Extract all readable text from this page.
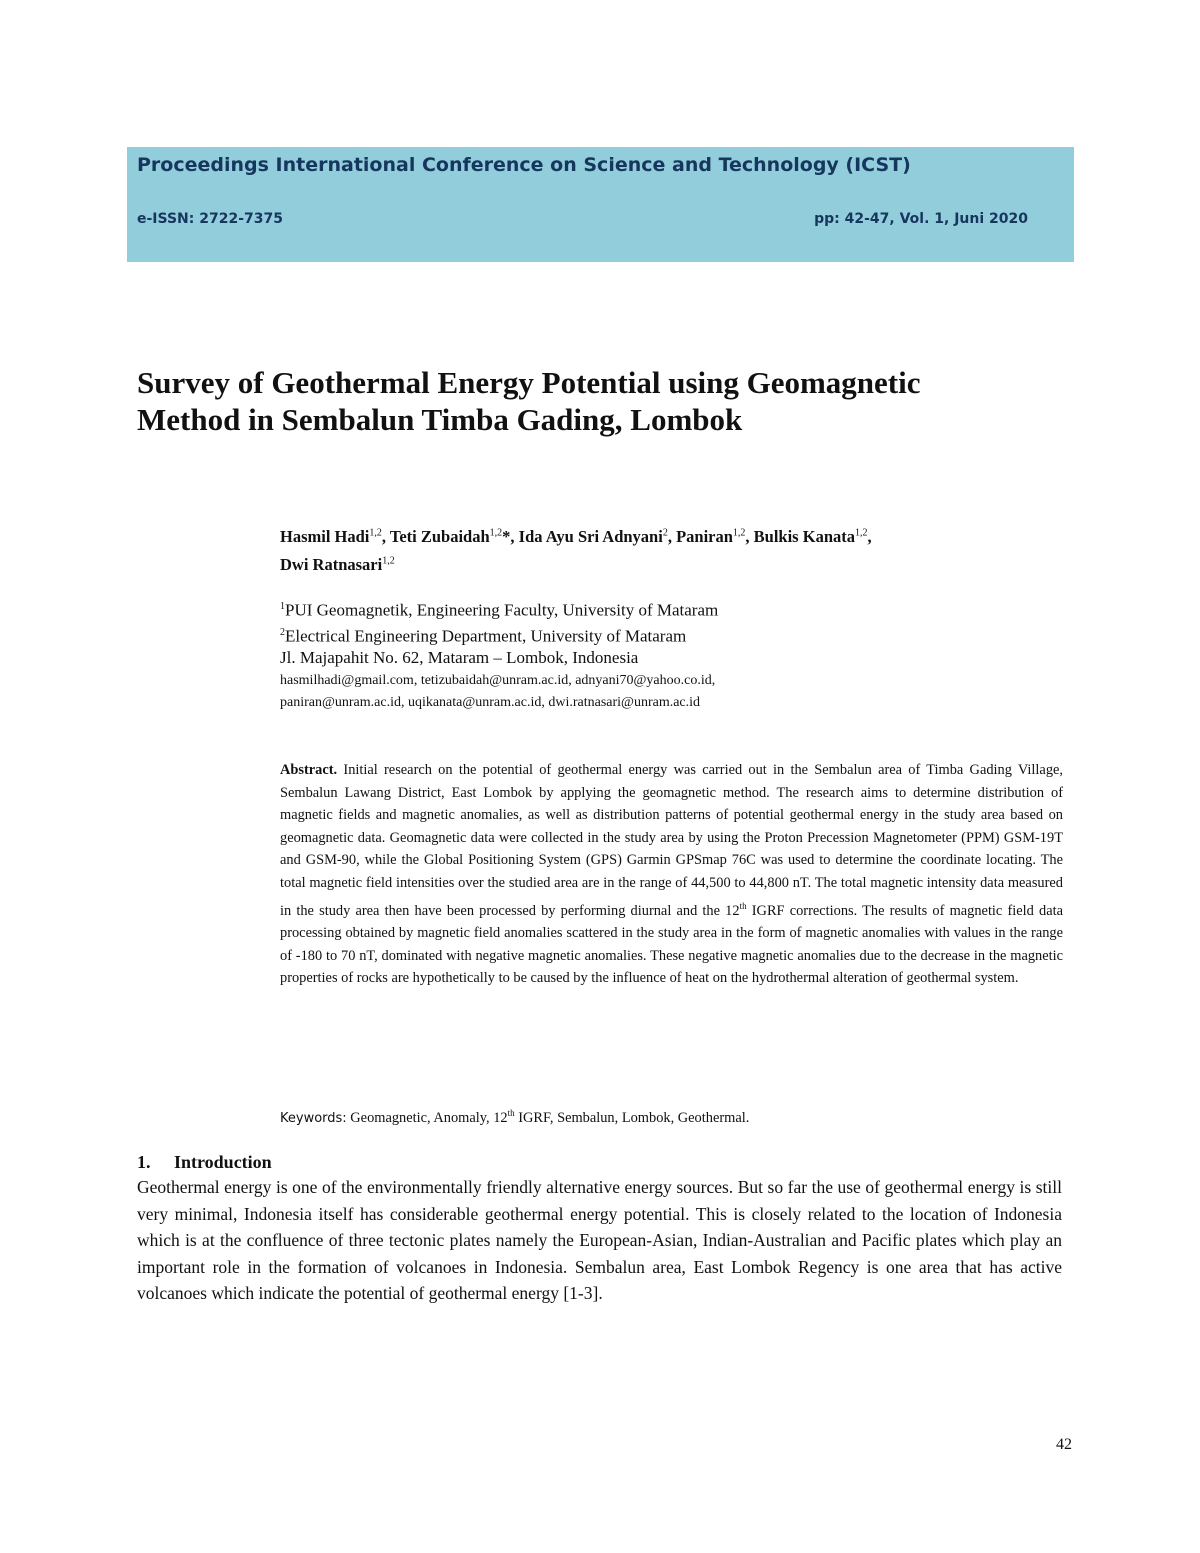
Proceedings International Conference on Science and Technology (ICST)
e-ISSN: 2722-7375	pp: 42-47, Vol. 1, Juni 2020
Survey of Geothermal Energy Potential using Geomagnetic
Method in Sembalun Timba Gading, Lombok
Hasmil Hadi$^{1,2}$, Teti Zubaidah$^{1,2}$*, Ida Ayu Sri Adnyani$^2$, Paniran$^{1,2}$, Bulkis Kanata$^{1,2}$,
Dwi Ratnasari$^{1,2}$
$^1$PUI Geomagnetik, Engineering Faculty, University of Mataram
$^2$Electrical Engineering Department, University of Mataram
Jl. Majapahit No. 62, Mataram – Lombok, Indonesia
hasmilhadi@gmail.com, tetizubaidah@unram.ac.id, adnyani70@yahoo.co.id,
paniran@unram.ac.id, uqikanata@unram.ac.id, dwi.ratnasari@unram.ac.id
Abstract. Initial research on the potential of geothermal energy was carried out in the Sembalun area of Timba Gading Village, Sembalun Lawang District, East Lombok by applying the geomagnetic method. The research aims to determine distribution of magnetic fields and magnetic anomalies, as well as distribution patterns of potential geothermal energy in the study area based on geomagnetic data. Geomagnetic data were collected in the study area by using the Proton Precession Magnetometer (PPM) GSM-19T and GSM-90, while the Global Positioning System (GPS) Garmin GPSmap 76C was used to determine the coordinate locating. The total magnetic field intensities over the studied area are in the range of 44,500 to 44,800 nT. The total magnetic intensity data measured in the study area then have been processed by performing diurnal and the 12th IGRF corrections. The results of magnetic field data processing obtained by magnetic field anomalies scattered in the study area in the form of magnetic anomalies with values in the range of -180 to 70 nT, dominated with negative magnetic anomalies. These negative magnetic anomalies due to the decrease in the magnetic properties of rocks are hypothetically to be caused by the influence of heat on the hydrothermal alteration of geothermal system.
Keywords: Geomagnetic, Anomaly, 12th IGRF, Sembalun, Lombok, Geothermal.
1. Introduction
Geothermal energy is one of the environmentally friendly alternative energy sources. But so far the use of geothermal energy is still very minimal, Indonesia itself has considerable geothermal energy potential. This is closely related to the location of Indonesia which is at the confluence of three tectonic plates namely the European-Asian, Indian-Australian and Pacific plates which play an important role in the formation of volcanoes in Indonesia. Sembalun area, East Lombok Regency is one area that has active volcanoes which indicate the potential of geothermal energy [1-3].
42
